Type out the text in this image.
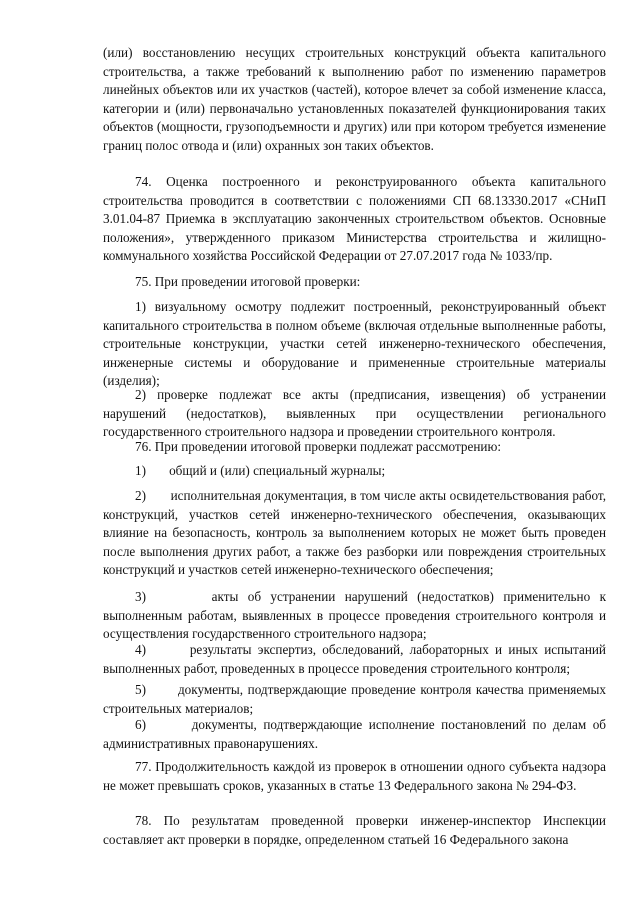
(или) восстановлению несущих строительных конструкций объекта капитального строительства, а также требований к выполнению работ по изменению параметров линейных объектов или их участков (частей), которое влечет за собой изменение класса, категории и (или) первоначально установленных показателей функционирования таких объектов (мощности, грузоподъемности и других) или при котором требуется изменение границ полос отвода и (или) охранных зон таких объектов.

74. Оценка построенного и реконструированного объекта капитального строительства проводится в соответствии с положениями СП 68.13330.2017 «СНиП 3.01.04-87 Приемка в эксплуатацию законченных строительством объектов. Основные положения», утвержденного приказом Министерства строительства и жилищно-коммунального хозяйства Российской Федерации от 27.07.2017 года № 1033/пр.

75. При проведении итоговой проверки:

1) визуальному осмотру подлежит построенный, реконструированный объект капитального строительства в полном объеме (включая отдельные выполненные работы, строительные конструкции, участки сетей инженерно-технического обеспечения, инженерные системы и оборудование и примененные строительные материалы (изделия);

2) проверке подлежат все акты (предписания, извещения) об устранении нарушений (недостатков), выявленных при осуществлении регионального государственного строительного надзора и проведении строительного контроля.

76. При проведении итоговой проверки подлежат рассмотрению:

1)       общий и (или) специальный журналы;

2)       исполнительная документация, в том числе акты освидетельствования работ, конструкций, участков сетей инженерно-технического обеспечения, оказывающих влияние на безопасность, контроль за выполнением которых не может быть проведен после выполнения других работ, а также без разборки или повреждения строительных конструкций и участков сетей инженерно-технического обеспечения;

3)       акты об устранении нарушений (недостатков) применительно к выполненным работам, выявленных в процессе проведения строительного контроля и осуществления государственного строительного надзора;

4)       результаты экспертиз, обследований, лабораторных и иных испытаний выполненных работ, проведенных в процессе проведения строительного контроля;

5)       документы, подтверждающие проведение контроля качества применяемых строительных материалов;

6)       документы, подтверждающие исполнение постановлений по делам об административных правонарушениях.

77. Продолжительность каждой из проверок в отношении одного субъекта надзора не может превышать сроков, указанных в статье 13 Федерального закона № 294-ФЗ.

78. По результатам проведенной проверки инженер-инспектор Инспекции составляет акт проверки в порядке, определенном статьей 16 Федерального закона
